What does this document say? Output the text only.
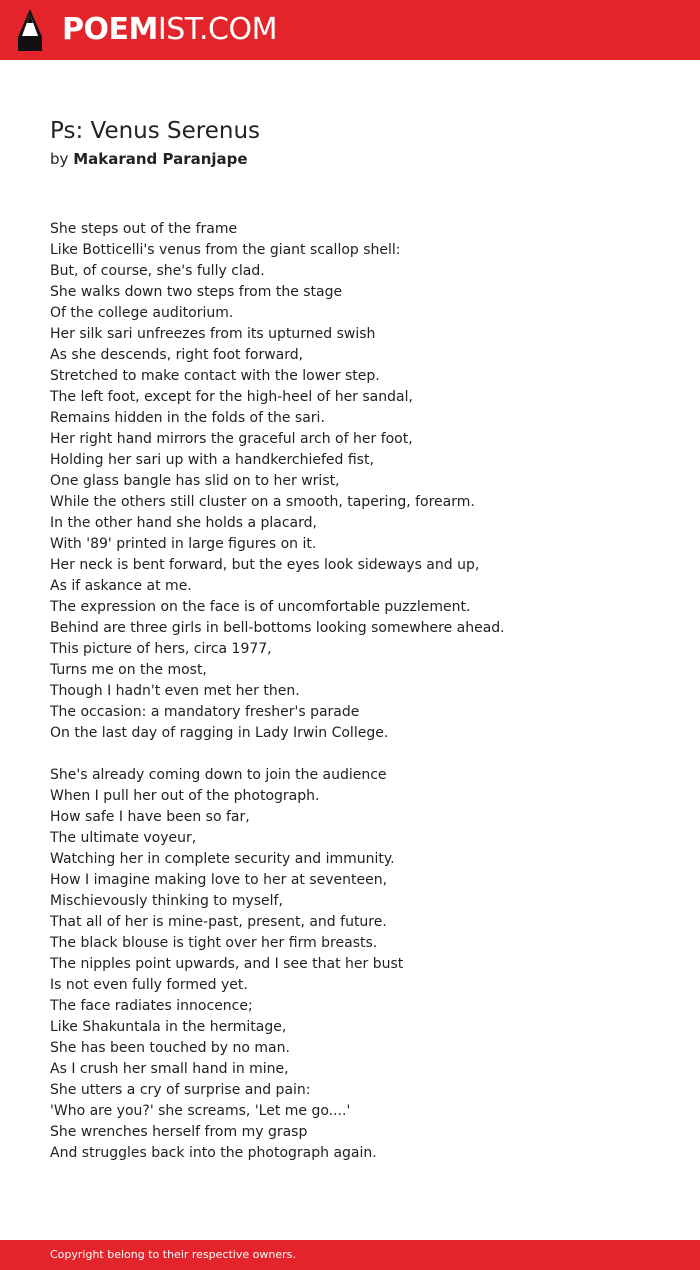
POEMIST.COM
Ps: Venus Serenus
by Makarand Paranjape
She steps out of the frame
Like Botticelli's venus from the giant scallop shell:
But, of course, she's fully clad.
She walks down two steps from the stage
Of the college auditorium.
Her silk sari unfreezes from its upturned swish
As she descends, right foot forward,
Stretched to make contact with the lower step.
The left foot, except for the high-heel of her sandal,
Remains hidden in the folds of the sari.
Her right hand mirrors the graceful arch of her foot,
Holding her sari up with a handkerchiefed fist,
One glass bangle has slid on to her wrist,
While the others still cluster on a smooth, tapering, forearm.
In the other hand she holds a placard,
With '89' printed in large figures on it.
Her neck is bent forward, but the eyes look sideways and up,
As if askance at me.
The expression on the face is of uncomfortable puzzlement.
Behind are three girls in bell-bottoms looking somewhere ahead.
This picture of hers, circa 1977,
Turns me on the most,
Though I hadn't even met her then.
The occasion: a mandatory fresher's parade
On the last day of ragging in Lady Irwin College.
She's already coming down to join the audience
When I pull her out of the photograph.
How safe I have been so far,
The ultimate voyeur,
Watching her in complete security and immunity.
How I imagine making love to her at seventeen,
Mischievously thinking to myself,
That all of her is mine-past, present, and future.
The black blouse is tight over her firm breasts.
The nipples point upwards, and I see that her bust
Is not even fully formed yet.
The face radiates innocence;
Like Shakuntala in the hermitage,
She has been touched by no man.
As I crush her small hand in mine,
She utters a cry of surprise and pain:
'Who are you?' she screams, 'Let me go....'
She wrenches herself from my grasp
And struggles back into the photograph again.
Copyright belong to their respective owners.
